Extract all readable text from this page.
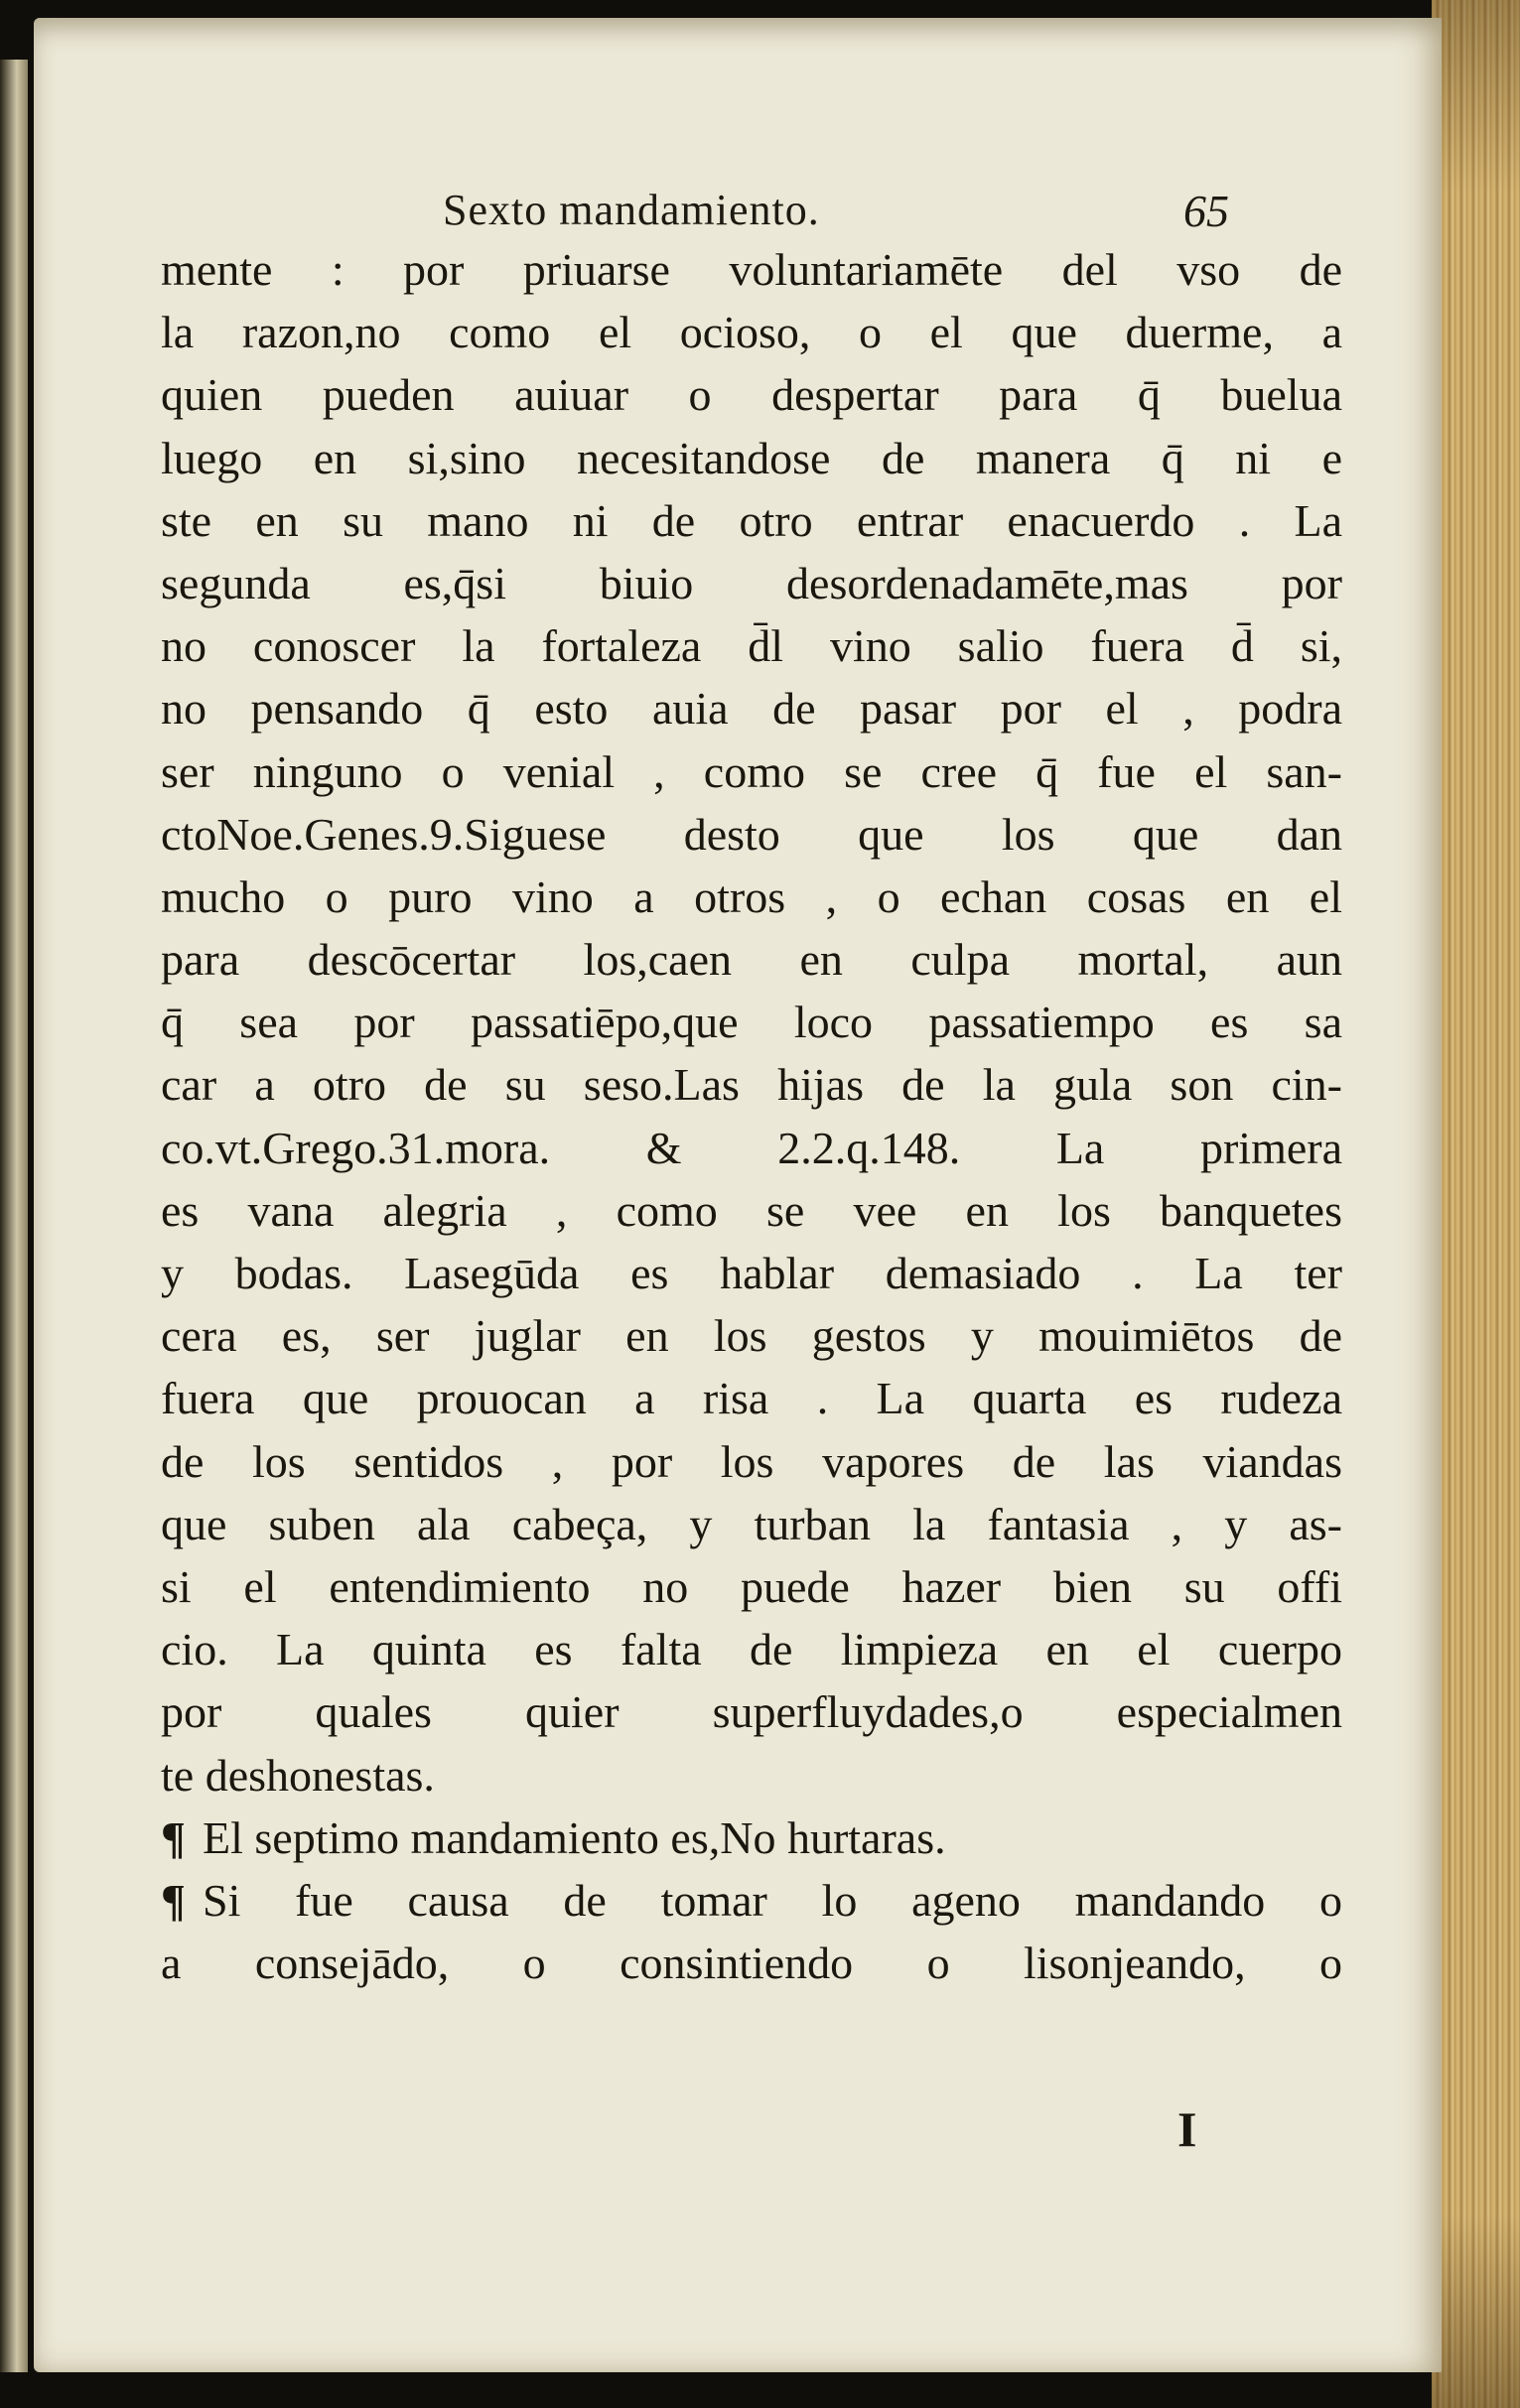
Sexto mandamiento.	65
mente : por priuarse voluntariamēte del vso de
la razon,no como el ocioso, o el que duerme, a
quien pueden auiuar o despertar para q̄ buelua
luego en si,sino necesitandose de manera q̄ ni e
ste en su mano ni de otro entrar enacuerdo . La
segunda es,q̄si biuio desordenadamēte,mas por
no conoscer la fortaleza d̄l vino salio fuera d̄ si,
no pensando q̄ esto auia de pasar por el , podra
ser ninguno o venial , como se cree q̄ fue el san-
ctoNoe.Genes.9.Siguese desto que los que dan
mucho o puro vino a otros , o echan cosas en el
para descōcertar los,caen en culpa mortal, aun
q̄ sea por passatiēpo,que loco passatiempo es sa
car a otro de su seso.Las hijas de la gula son cin-
co.vt.Grego.31.mora. & 2.2.q.148. La primera
es vana alegria , como se vee en los banquetes
y bodas. Lasegūda es hablar demasiado . La ter
cera es, ser juglar en los gestos y mouimiētos de
fuera que prouocan a risa . La quarta es rudeza
de los sentidos , por los vapores de las viandas
que suben ala cabeça, y turban la fantasia , y as-
si el entendimiento no puede hazer bien su offi
cio. La quinta es falta de limpieza en el cuerpo
por quales quier superfluydades,o especialmen
te deshonestas.
¶ El septimo mandamiento es,No hurtaras.
¶ Si fue causa de tomar lo ageno mandando o
a consejādo, o consintiendo o lisonjeando, o
I
